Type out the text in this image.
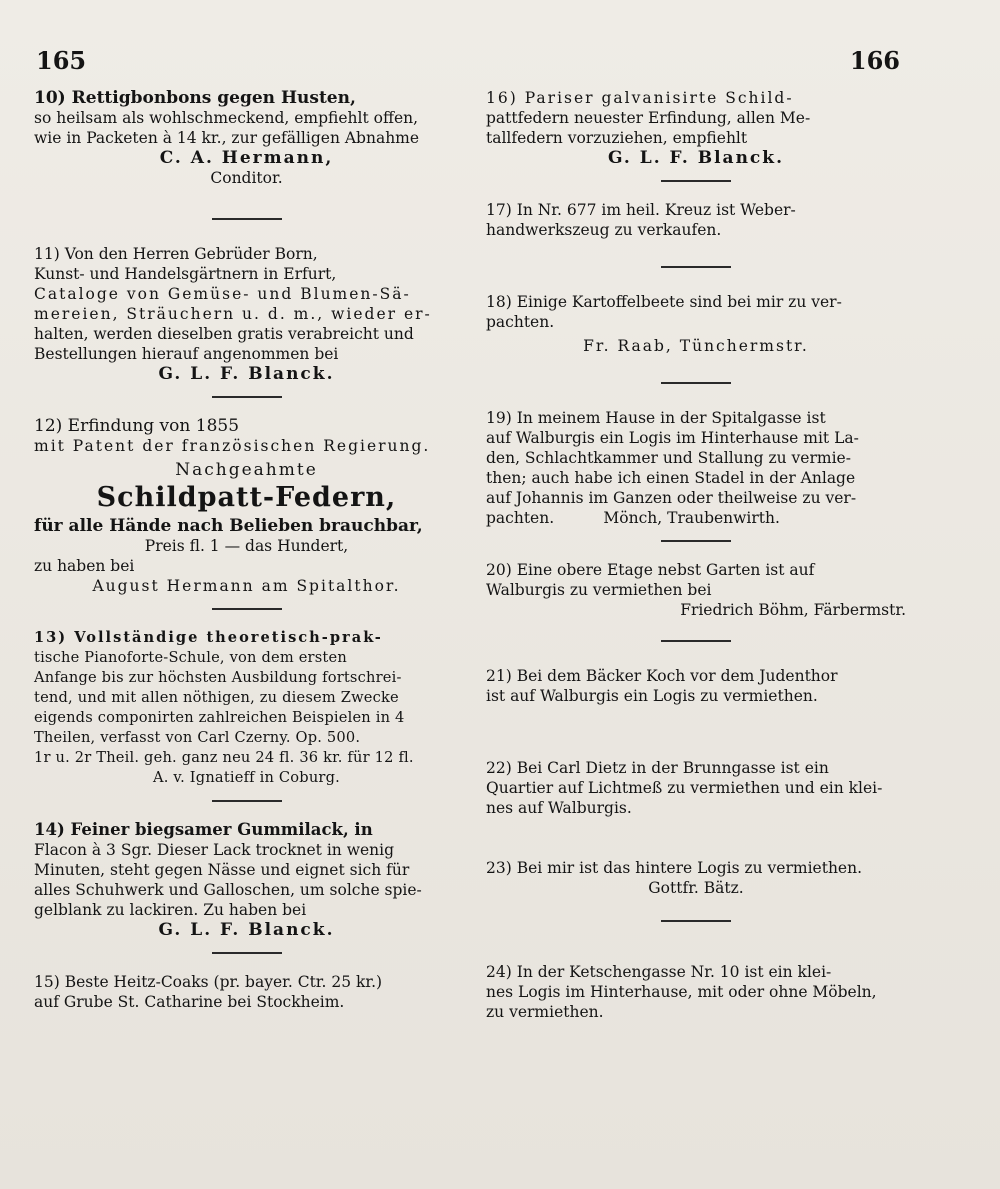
165	166

10) Rettigbonbons gegen Husten,

so heilsam als wohlschmeckend, empfiehlt offen,

wie in Packeten à 14 kr., zur gefälligen Abnahme

C. A. Hermann,

Conditor.

11) Von den Herren Gebrüder Born,

Kunst- und Handelsgärtnern in Erfurt,

Cataloge von Gemüse- und Blumen-Sä-

mereien, Sträuchern u. d. m., wieder er-

halten, werden dieselben gratis verabreicht und

Bestellungen hierauf angenommen bei

G. L. F. Blanck.

12) Erfindung von 1855

mit Patent der französischen Regierung.

Nachgeahmte

Schildpatt-Federn,

für alle Hände nach Belieben brauchbar,

Preis fl. 1 — das Hundert,

zu haben bei

August Hermann am Spitalthor.

13) Vollständige theoretisch-prak-

tische Pianoforte-Schule, von dem ersten

Anfange bis zur höchsten Ausbildung fortschrei-

tend, und mit allen nöthigen, zu diesem Zwecke

eigends componirten zahlreichen Beispielen in 4

Theilen, verfasst von Carl Czerny. Op. 500.

1r u. 2r Theil. geh. ganz neu 24 fl. 36 kr. für 12 fl.

A. v. Ignatieff in Coburg.

14) Feiner biegsamer Gummilack, in

Flacon à 3 Sgr. Dieser Lack trocknet in wenig

Minuten, steht gegen Nässe und eignet sich für

alles Schuhwerk und Galloschen, um solche spie-

gelblank zu lackiren. Zu haben bei

G. L. F. Blanck.

15) Beste Heitz-Coaks (pr. bayer. Ctr. 25 kr.)

auf Grube St. Catharine bei Stockheim.

16) Pariser galvanisirte Schild-

pattfedern neuester Erfindung, allen Me-

tallfedern vorzuziehen, empfiehlt

G. L. F. Blanck.

17) In Nr. 677 im heil. Kreuz ist Weber-

handwerkszeug zu verkaufen.

18) Einige Kartoffelbeete sind bei mir zu ver-

pachten.

Fr. Raab, Tünchermstr.

19) In meinem Hause in der Spitalgasse ist

auf Walburgis ein Logis im Hinterhause mit La-

den, Schlachtkammer und Stallung zu vermie-

then; auch habe ich einen Stadel in der Anlage

auf Johannis im Ganzen oder theilweise zu ver-

pachten.          Mönch, Traubenwirth.

20) Eine obere Etage nebst Garten ist auf

Walburgis zu vermiethen bei

Friedrich Böhm, Färbermstr.

21) Bei dem Bäcker Koch vor dem Judenthor

ist auf Walburgis ein Logis zu vermiethen.

22) Bei Carl Dietz in der Brunngasse ist ein

Quartier auf Lichtmeß zu vermiethen und ein klei-

nes auf Walburgis.

23) Bei mir ist das hintere Logis zu vermiethen.

Gottfr. Bätz.

24) In der Ketschengasse Nr. 10 ist ein klei-

nes Logis im Hinterhause, mit oder ohne Möbeln,

zu vermiethen.
